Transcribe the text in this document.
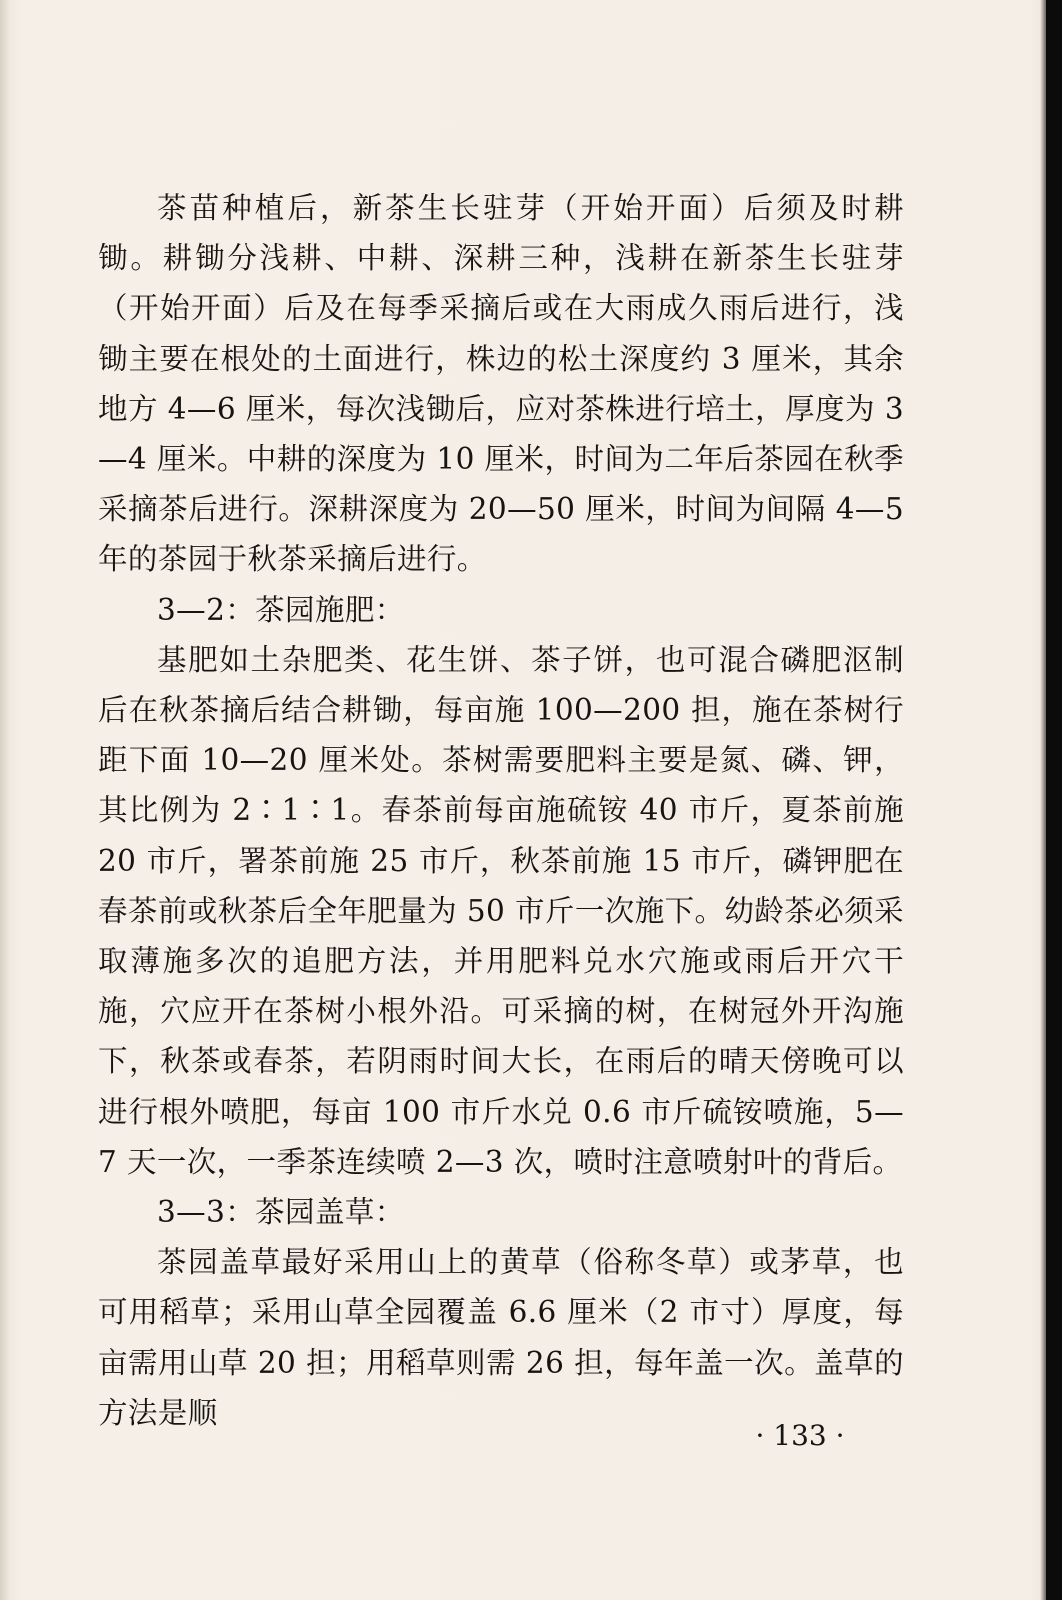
茶苗种植后，新茶生长驻芽（开始开面）后须及时耕锄。耕锄分浅耕、中耕、深耕三种，浅耕在新茶生长驻芽（开始开面）后及在每季采摘后或在大雨成久雨后进行，浅锄主要在根处的土面进行，株边的松土深度约 3 厘米，其余地方 4—6 厘米，每次浅锄后，应对茶株进行培土，厚度为 3—4 厘米。中耕的深度为 10 厘米，时间为二年后茶园在秋季采摘茶后进行。深耕深度为 20—50 厘米，时间为间隔 4—5 年的茶园于秋茶采摘后进行。

3—2：茶园施肥：

基肥如土杂肥类、花生饼、茶子饼，也可混合磷肥沤制后在秋茶摘后结合耕锄，每亩施 100—200 担，施在茶树行距下面 10—20 厘米处。茶树需要肥料主要是氮、磷、钾，其比例为 2∶1∶1。春茶前每亩施硫铵 40 市斤，夏茶前施 20 市斤，署茶前施 25 市斤，秋茶前施 15 市斤，磷钾肥在春茶前或秋茶后全年肥量为 50 市斤一次施下。幼龄茶必须采取薄施多次的追肥方法，并用肥料兑水穴施或雨后开穴干施，穴应开在茶树小根外沿。可采摘的树，在树冠外开沟施下，秋茶或春茶，若阴雨时间大长，在雨后的晴天傍晚可以进行根外喷肥，每亩 100 市斤水兑 0.6 市斤硫铵喷施，5—7 天一次，一季茶连续喷 2—3 次，喷时注意喷射叶的背后。

3—3：茶园盖草：

茶园盖草最好采用山上的黄草（俗称冬草）或茅草，也可用稻草；采用山草全园覆盖 6.6 厘米（2 市寸）厚度，每亩需用山草 20 担；用稻草则需 26 担，每年盖一次。盖草的方法是顺

· 133 ·
